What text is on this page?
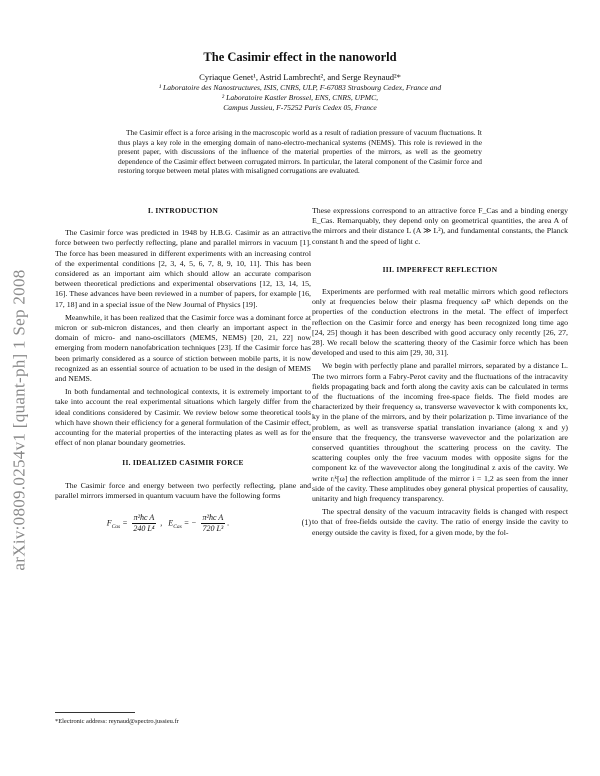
arXiv:0809.0254v1 [quant-ph] 1 Sep 2008
The Casimir effect in the nanoworld
Cyriaque Genet¹, Astrid Lambrecht², and Serge Reynaud²*
¹ Laboratoire des Nanostructures, ISIS, CNRS, ULP, F-67083 Strasbourg Cedex, France and
² Laboratoire Kastler Brossel, ENS, CNRS, UPMC,
Campus Jussieu, F-75252 Paris Cedex 05, France
The Casimir effect is a force arising in the macroscopic world as a result of radiation pressure of vacuum fluctuations. It thus plays a key role in the emerging domain of nano-electro-mechanical systems (NEMS). This role is reviewed in the present paper, with discussions of the influence of the material properties of the mirrors, as well as the geometry dependence of the Casimir effect between corrugated mirrors. In particular, the lateral component of the Casimir force and restoring torque between metal plates with misaligned corrugations are evaluated.
I. INTRODUCTION

The Casimir force was predicted in 1948 by H.B.G. Casimir as an attractive force between two perfectly reflecting, plane and parallel mirrors in vacuum [1]. The force has been measured in different experiments with an increasing control of the experimental conditions [2, 3, 4, 5, 6, 7, 8, 9, 10, 11]. This has been considered as an important aim which should allow an accurate comparison between theoretical predictions and experimental observations [12, 13, 14, 15, 16]. These advances have been reviewed in a number of papers, for example [16, 17, 18] and in a special issue of the New Journal of Physics [19].

Meanwhile, it has been realized that the Casimir force was a dominant force at micron or sub-micron distances, and then clearly an important aspect in the domain of micro- and nano-oscillators (MEMS, NEMS) [20, 21, 22] now emerging from modern nanofabrication techniques [23]. If the Casimir force has been primarly considered as a source of stiction between mobile parts, it is now recognized as an essential source of actuation to be used in the design of MEMS and NEMS.

In both fundamental and technological contexts, it is extremely important to take into account the real experimental situations which largely differ from the ideal conditions considered by Casimir. We review below some theoretical tools which have shown their efficiency for a general formulation of the Casimir effect, accounting for the material properties of the interacting plates as well as for the effect of non planar boundary geometries.

II. IDEALIZED CASIMIR FORCE

The Casimir force and energy between two perfectly reflecting, plane and parallel mirrors immersed in quantum vacuum have the following forms

$F_{Cas} = \frac{\text{π²ħc A}}{\text{240 L⁴}}$ ,   $E_{Cas}$ = − $\frac{\text{π²ħc A}}{\text{720 L³}}$ .	(1)

These expressions correspond to an attractive force F_Cas and a binding energy E_Cas. Remarquably, they depend only on geometrical quantities, the area A of the mirrors and their distance L (A ≫ L²), and fundamental constants, the Planck constant ħ and the speed of light c.

III. IMPERFECT REFLECTION

Experiments are performed with real metallic mirrors which good reflectors only at frequencies below their plasma frequency ωP which depends on the properties of the conduction electrons in the metal. The effect of imperfect reflection on the Casimir force and energy has been recognized long time ago [24, 25] though it has been described with good accuracy only recently [26, 27, 28]. We recall below the scattering theory of the Casimir force which has been developed and used to this aim [29, 30, 31].

We begin with perfectly plane and parallel mirrors, separated by a distance L. The two mirrors form a Fabry-Perot cavity and the fluctuations of the intracavity fields propagating back and forth along the cavity axis can be calculated in terms of the fluctuations of the incoming free-space fields. The field modes are characterized by their frequency ω, transverse wavevector k with components kx, ky in the plane of the mirrors, and by their polarization p. Time invariance of the problem, as well as transverse spatial translation invariance (along x and y) ensure that the frequency, the transverse wavevector and the polarization are conserved quantities throughout the scattering process on the cavity. The scattering couples only the free vacuum modes with opposite signs for the component kz of the wavevector along the longitudinal z axis of the cavity. We write rᵢᵏ[ω] the reflection amplitude of the mirror i = 1,2 as seen from the inner side of the cavity. These amplitudes obey general physical properties of causality, unitarity and high frequency transparency.

The spectral density of the vacuum intracavity fields is changed with respect to that of free-fields outside the cavity. The ratio of energy inside the cavity to energy outside the cavity is fixed, for a given mode, by the fol-

*Electronic address: reynaud@spectro.jussieu.fr
